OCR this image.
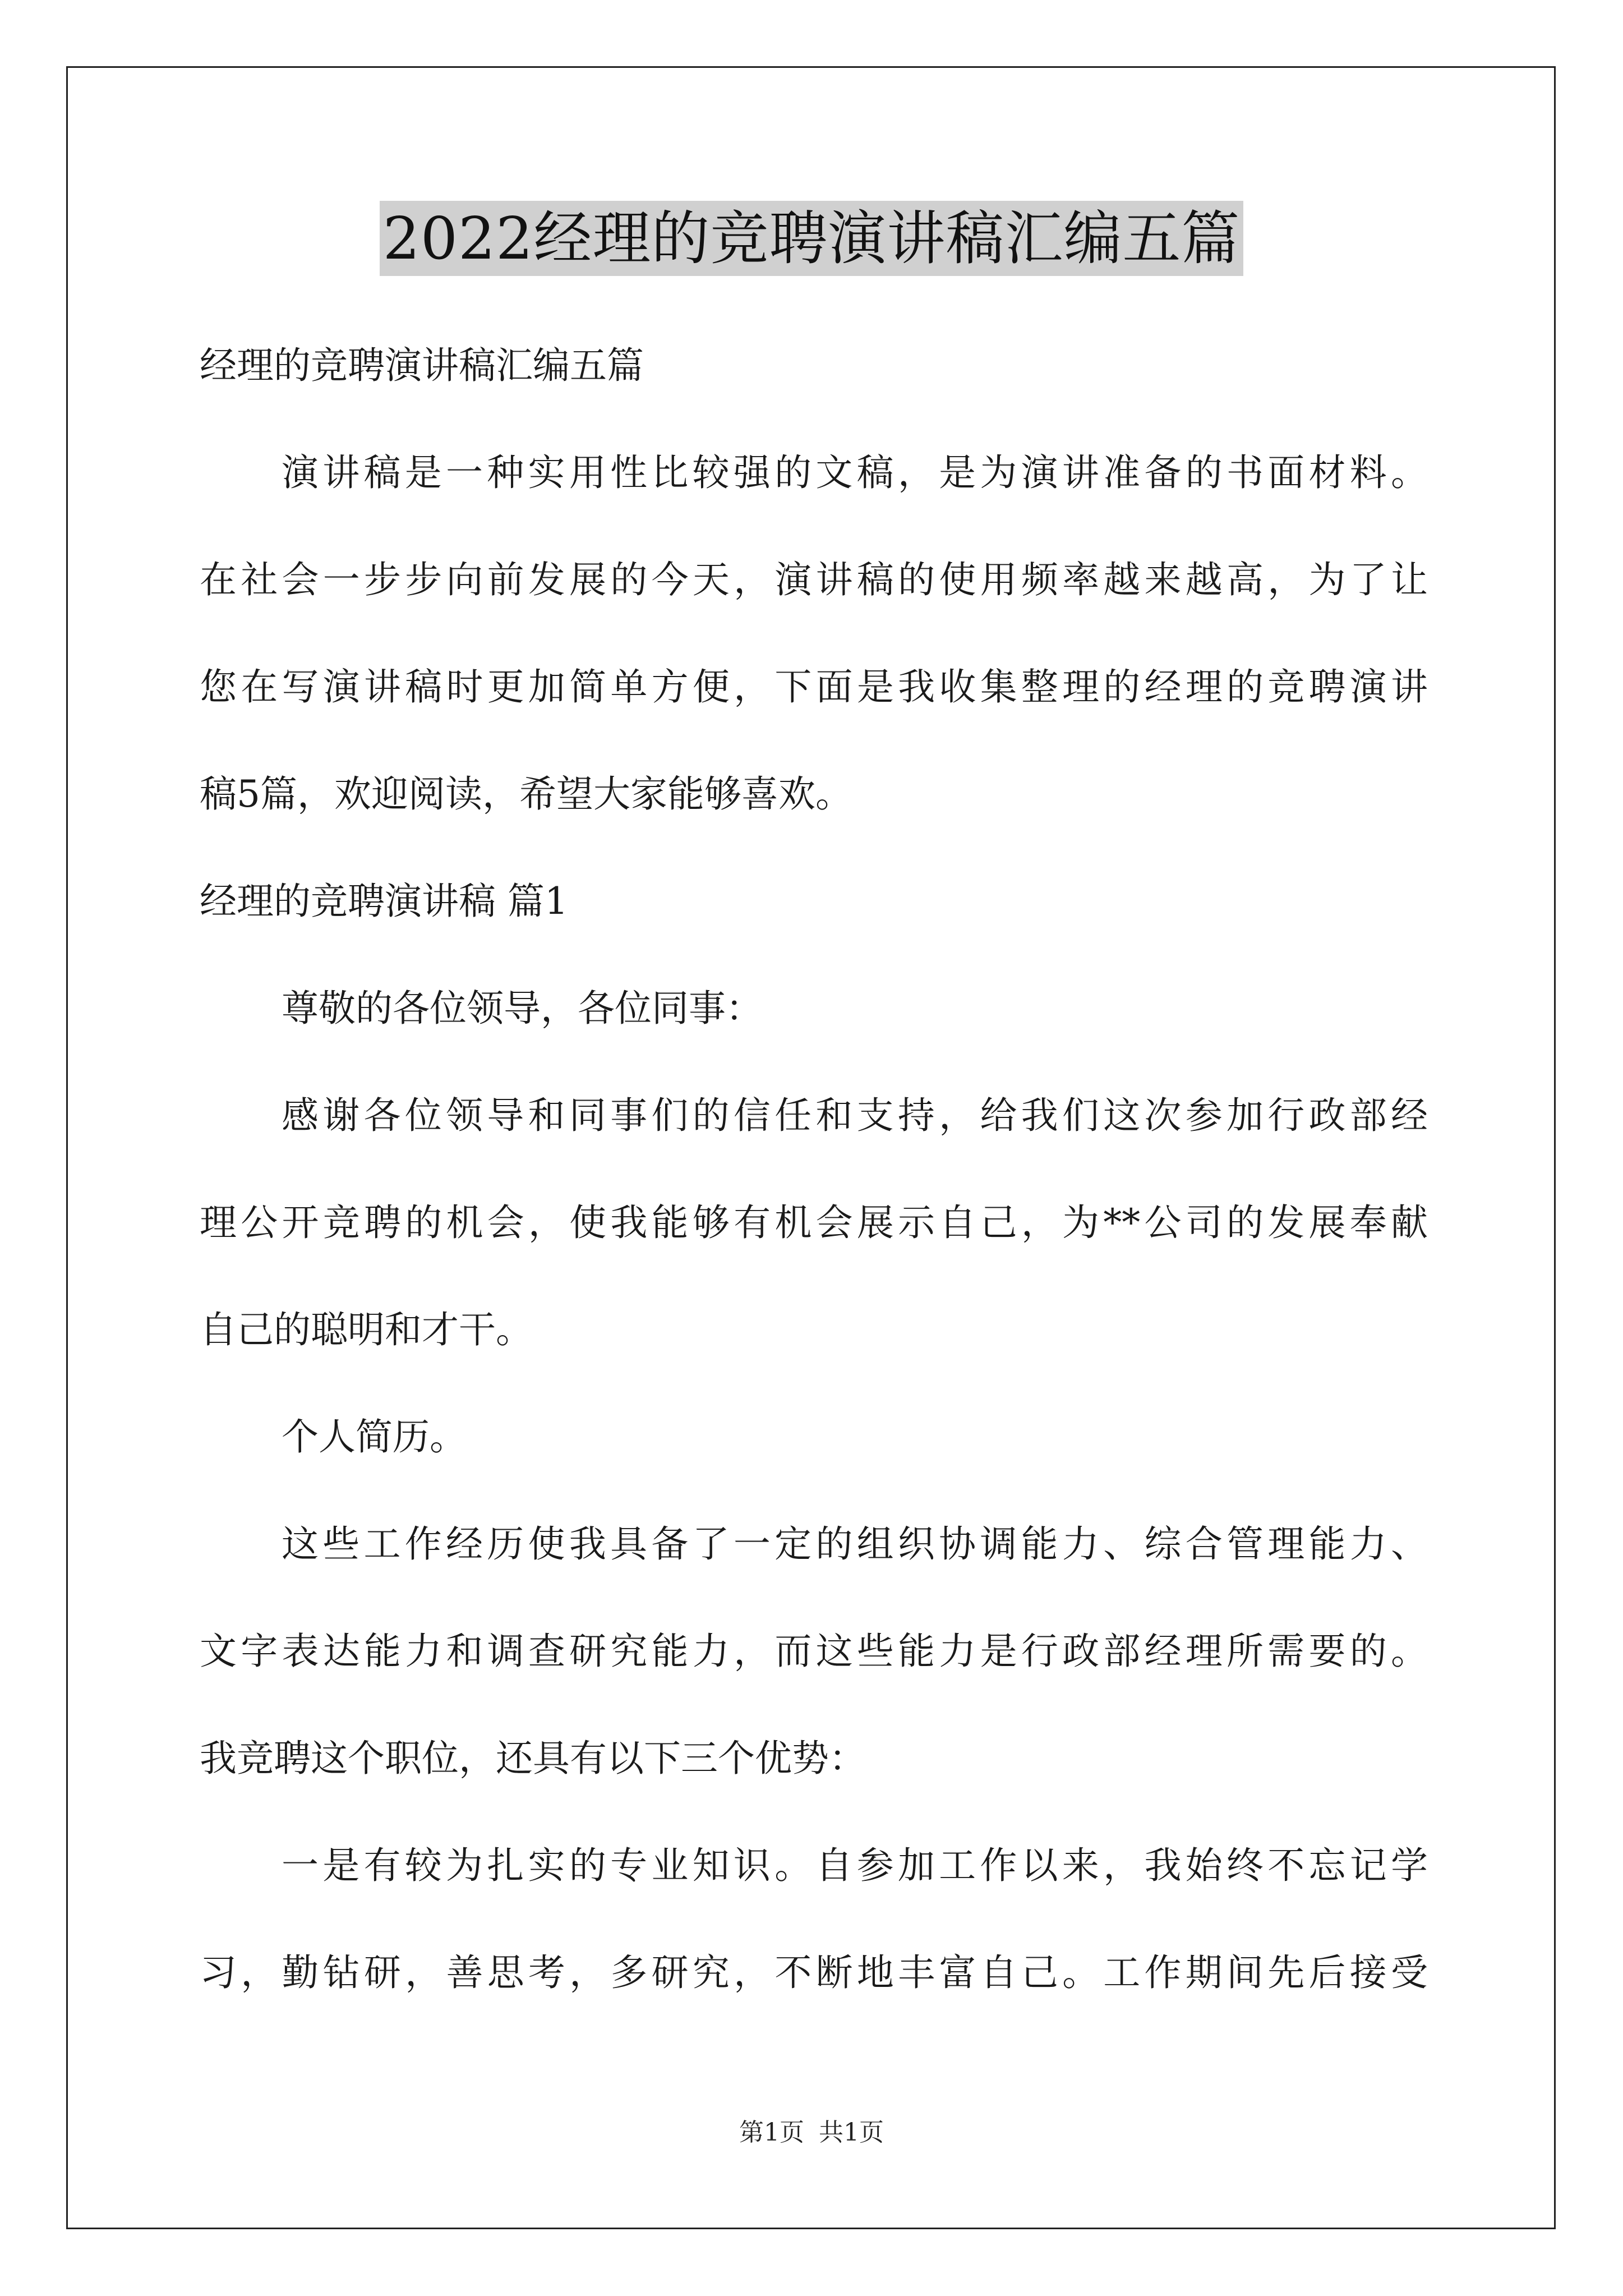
2022经理的竞聘演讲稿汇编五篇
经理的竞聘演讲稿汇编五篇
演讲稿是一种实用性比较强的文稿，是为演讲准备的书面材料。
在社会一步步向前发展的今天，演讲稿的使用频率越来越高，为了让
您在写演讲稿时更加简单方便，下面是我收集整理的经理的竞聘演讲
稿5篇，欢迎阅读，希望大家能够喜欢。
经理的竞聘演讲稿 篇1
尊敬的各位领导，各位同事：
感谢各位领导和同事们的信任和支持，给我们这次参加行政部经
理公开竞聘的机会，使我能够有机会展示自己，为**公司的发展奉献
自己的聪明和才干。
个人简历。
这些工作经历使我具备了一定的组织协调能力、综合管理能力、
文字表达能力和调查研究能力，而这些能力是行政部经理所需要的。
我竞聘这个职位，还具有以下三个优势：
一是有较为扎实的专业知识。自参加工作以来，我始终不忘记学
习，勤钻研，善思考，多研究，不断地丰富自己。工作期间先后接受
第1页 共1页
